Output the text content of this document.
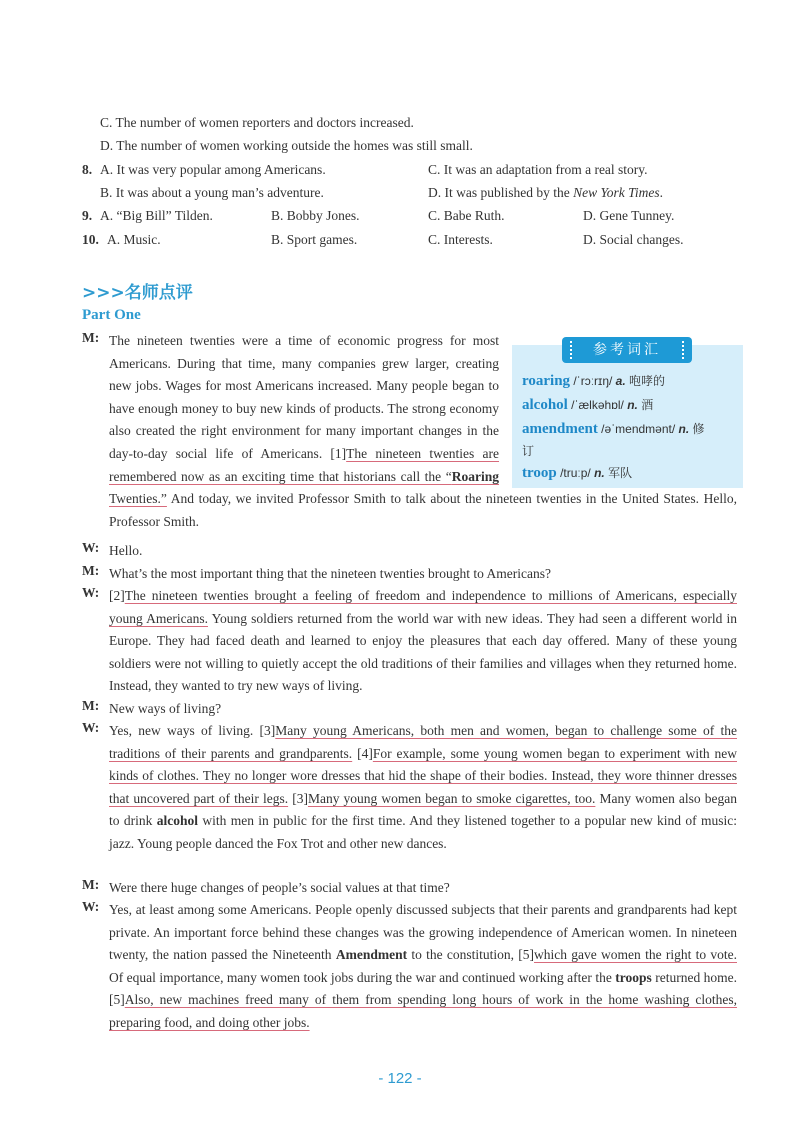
C. The number of women reporters and doctors increased.
D. The number of women working outside the homes was still small.
8. A. It was very popular among Americans.	C. It was an adaptation from a real story.
B. It was about a young man’s adventure.	D. It was published by the New York Times.
9. A. “Big Bill” Tilden.	B. Bobby Jones.	C. Babe Ruth.	D. Gene Tunney.
10. A. Music.	B. Sport games.	C. Interests.	D. Social changes.
>>>名师点评
Part One
参考词汇
roaring /ˈrɔːrɪŋ/ a. 咆哮的
alcohol /ˈælkəhɒl/ n. 酒
amendment /əˈmendmənt/ n. 修
订
troop /truːp/ n. 军队
M: The nineteen twenties were a time of economic progress for most Americans. During that time, many companies grew larger, creating new jobs. Wages for most Americans increased. Many people began to have enough money to buy new kinds of products. The strong economy also created the right environment for many important changes in the day-to-day social life of Americans. [1]The nineteen twenties are remembered now as an exciting time that historians call the “Roaring Twenties.” And today, we invited Professor Smith to talk about the nineteen twenties in the United States. Hello, Professor Smith.
W: Hello.
M: What’s the most important thing that the nineteen twenties brought to Americans?
W: [2]The nineteen twenties brought a feeling of freedom and independence to millions of Americans, especially young Americans. Young soldiers returned from the world war with new ideas. They had seen a different world in Europe. They had faced death and learned to enjoy the pleasures that each day offered. Many of these young soldiers were not willing to quietly accept the old traditions of their families and villages when they returned home. Instead, they wanted to try new ways of living.
M: New ways of living?
W: Yes, new ways of living. [3]Many young Americans, both men and women, began to challenge some of the traditions of their parents and grandparents. [4]For example, some young women began to experiment with new kinds of clothes. They no longer wore dresses that hid the shape of their bodies. Instead, they wore thinner dresses that uncovered part of their legs. [3]Many young women began to smoke cigarettes, too. Many women also began to drink alcohol with men in public for the first time. And they listened together to a popular new kind of music: jazz. Young people danced the Fox Trot and other new dances.
M: Were there huge changes of people’s social values at that time?
W: Yes, at least among some Americans. People openly discussed subjects that their parents and grandparents had kept private. An important force behind these changes was the growing independence of American women. In nineteen twenty, the nation passed the Nineteenth Amendment to the constitution, [5]which gave women the right to vote. Of equal importance, many women took jobs during the war and continued working after the troops returned home. [5]Also, new machines freed many of them from spending long hours of work in the home washing clothes, preparing food, and doing other jobs.
- 122 -
